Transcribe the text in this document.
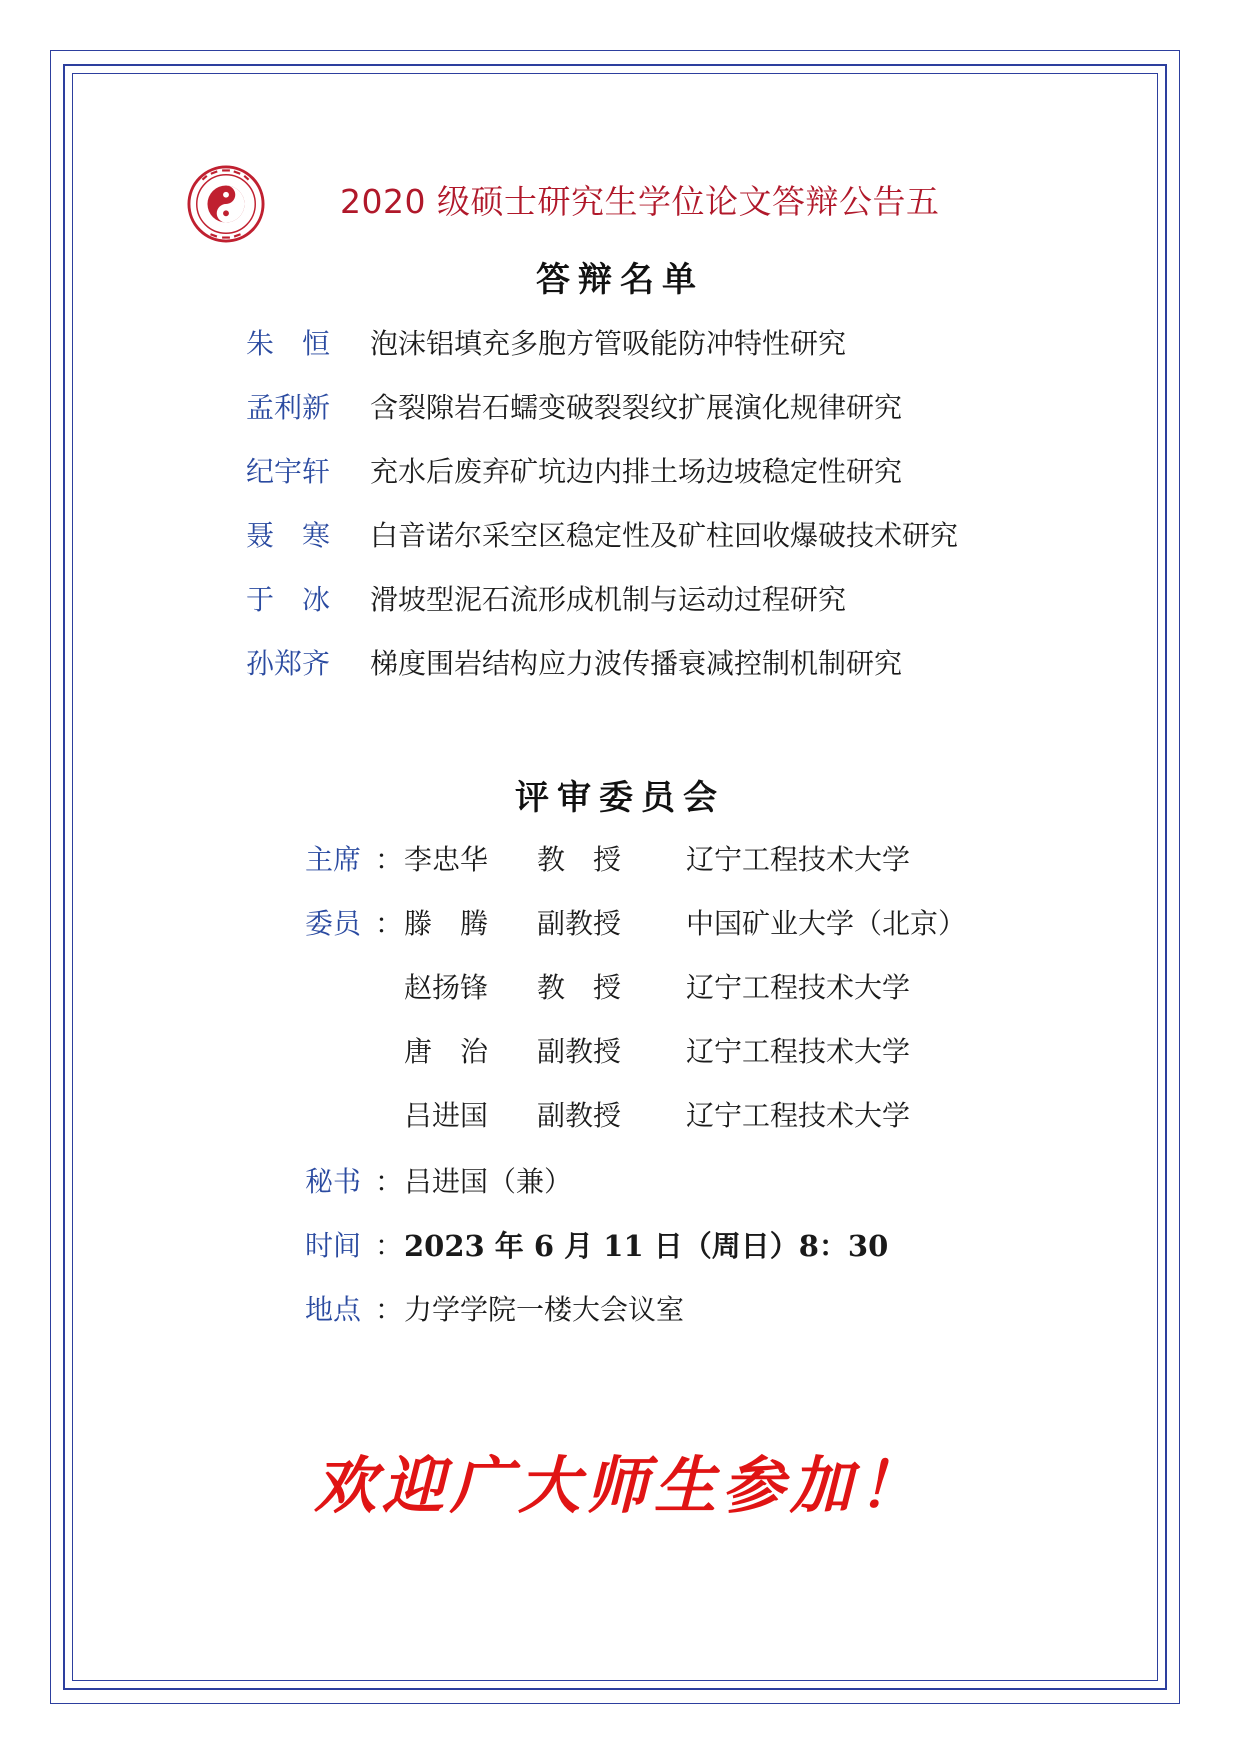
2020 级硕士研究生学位论文答辩公告五
答辩名单
朱　恒 泡沫铝填充多胞方管吸能防冲特性研究
孟利新 含裂隙岩石蠕变破裂裂纹扩展演化规律研究
纪宇轩 充水后废弃矿坑边内排土场边坡稳定性研究
聂　寒 白音诺尔采空区稳定性及矿柱回收爆破技术研究
于　冰 滑坡型泥石流形成机制与运动过程研究
孙郑齐 梯度围岩结构应力波传播衰减控制机制研究
评审委员会
主席 ： 李忠华 教　授 辽宁工程技术大学
委员 ： 滕　腾 副教授 中国矿业大学（北京）
赵扬锋 教　授 辽宁工程技术大学
唐　治 副教授 辽宁工程技术大学
吕进国 副教授 辽宁工程技术大学
秘书 ： 吕进国（兼）
时间 ： 2023 年 6 月 11 日（周日）8：30
地点 ： 力学学院一楼大会议室
欢迎广大师生参加！
